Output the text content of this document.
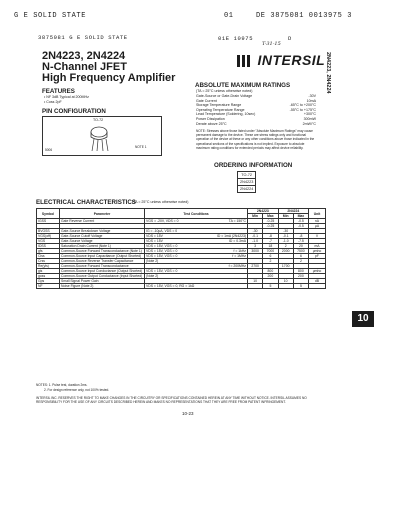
G E SOLID STATE	01	DE 3875081 0013975 3
3875081 G E SOLID STATE	01E 10975	D
T-31-15
INTERSIL 2N4223, 2N4224
2N4223, 2N4224
N-Channel JFET
High Frequency Amplifier
FEATURES
• NF 3dB Typical at 200MHz
• Coss 2pF
PIN CONFIGURATION
TO-72
5006
NOTE 1
ABSOLUTE MAXIMUM RATINGS
(TA = 25°C unless otherwise noted)
Gate-Source or Gate-Drain Voltage	-30V
Gate Current	10mA
Storage Temperature Range	-65°C to +200°C
Operating Temperature Range	-55°C to +175°C
Lead Temperature (Soldering, 10sec)	+300°C
Power Dissipation	300mW
Derate above 25°C	2mW/°C
NOTE: Stresses above those listed under "Absolute Maximum Ratings" may cause permanent damage to the device. These are stress ratings only and functional operation of the device at these or any other conditions above those indicated in the operational sections of the specifications is not implied. Exposure to absolute maximum rating conditions for extended periods may affect device reliability.
ORDERING INFORMATION
TO-72
2N4223
2N4224
ELECTRICAL CHARACTERISTICS
(TA = 25°C unless otherwise noted)
Symbol	Parameter	Test Conditions	2N4223		2N4224		Unit
			Min	Max	Min	Max	
IGSS	Gate Reverse Current	VGS = -20V, VDS = 0 TA = 150°C		-0.25		-0.5	nA

		-0.25		-0.5	µA
BVGSS	Gate-Source Breakdown Voltage	IG = -10µA, VDS = 0	-30		-30		
VGS(off)	Gate-Source Cutoff Voltage	VDS = 15V ID = 1mA (2N4223)	-0.1	-8	-0.1	-8	V
VGS	Gate-Source Voltage	VDS = 15V ID = 0.3mA	-1.0	-7	-1.0	-7.5	
IDSS	Saturation Drain Current (Note 1)	VDS = 15V, VGS = 0	3	18	2	20	mA
gfs	Common-Source Forward Transconductance (Note 1)	VDS = 15V, VGS = 0 f = 1kHz	3000	7000	2000	7500	µmho
Ciss	Common-Source Input Capacitance (Output Shorted)	VDS = 15V, VGS = 0 f = 1MHz		6		6	pF
Crss	Common-Source Reverse Transfer Capacitance	(Note 2)		2		2	
Re(yfs)	Common-Source Forward Transconductance	f = 200MHz	2700		1700		
gis	Common-Source Input Conductance (Output Shorted)	VDS = 15V, VGS = 0		800		800	µmho
goss	Common-Source Output Conductance (Input Shorted)	(Note 2)		200		200	
Gps	Small Signal Power Gain		10		10		dB
NF	Noise Figure (Note 2)	VDS = 15V, VGS = 0, RG = 1kΩ		5		5	
NOTES: 1. Pulse test, duration 2ms.
2. For design reference only, not 100% tested.
10
INTERSIL INC. RESERVES THE RIGHT TO MAKE CHANGES IN THE CIRCUITRY OR SPECIFICATIONS CONTAINED HEREIN AT ANY TIME WITHOUT NOTICE. INTERSIL ASSUMES NO RESPONSIBILITY FOR THE USE OF ANY CIRCUITS DESCRIBED HEREIN AND MAKES NO REPRESENTATIONS THAT THEY ARE FREE FROM PATENT INFRINGEMENT.
10-23
